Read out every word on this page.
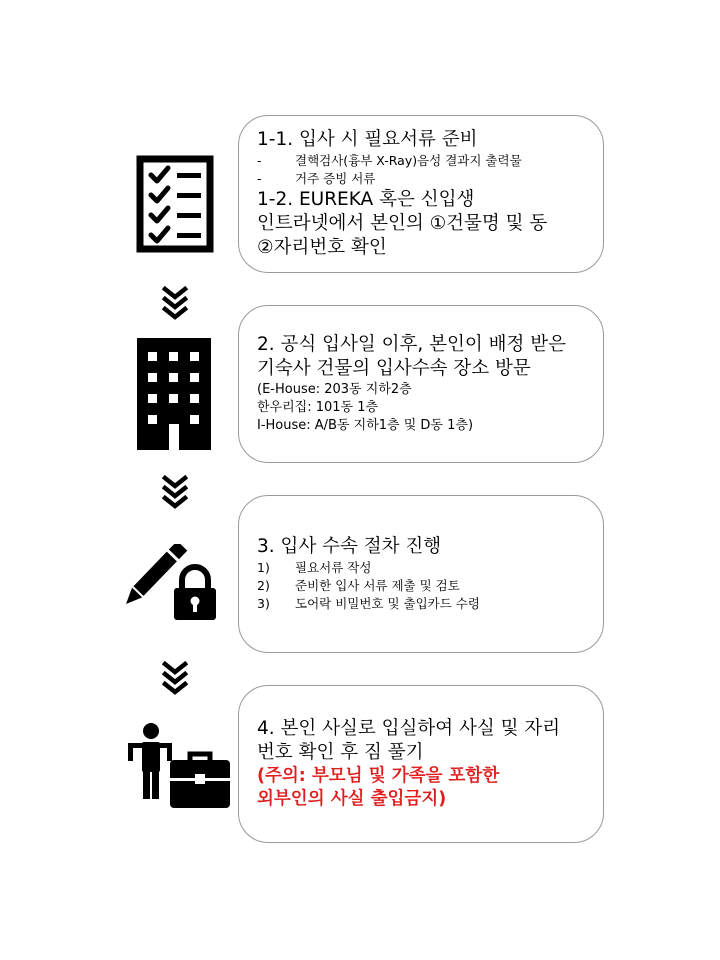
1-1. 입사 시 필요서류 준비
-	결핵검사(흉부 X-Ray)음성 결과지 출력물
-	거주 증빙 서류
1-2. EUREKA 혹은 신입생
인트라넷에서 본인의 ①건물명 및 동
②자리번호 확인
2. 공식 입사일 이후, 본인이 배정 받은
기숙사 건물의 입사수속 장소 방문
(E-House: 203동 지하2층
한우리집: 101동 1층
I-House: A/B동 지하1층 및 D동 1층)
3. 입사 수속 절차 진행
1)	필요서류 작성
2)	준비한 입사 서류 제출 및 검토
3)	도어락 비밀번호 및 출입카드 수령
4. 본인 사실로 입실하여 사실 및 자리
번호 확인 후 짐 풀기
(주의: 부모님 및 가족을 포함한
외부인의 사실 출입금지)
